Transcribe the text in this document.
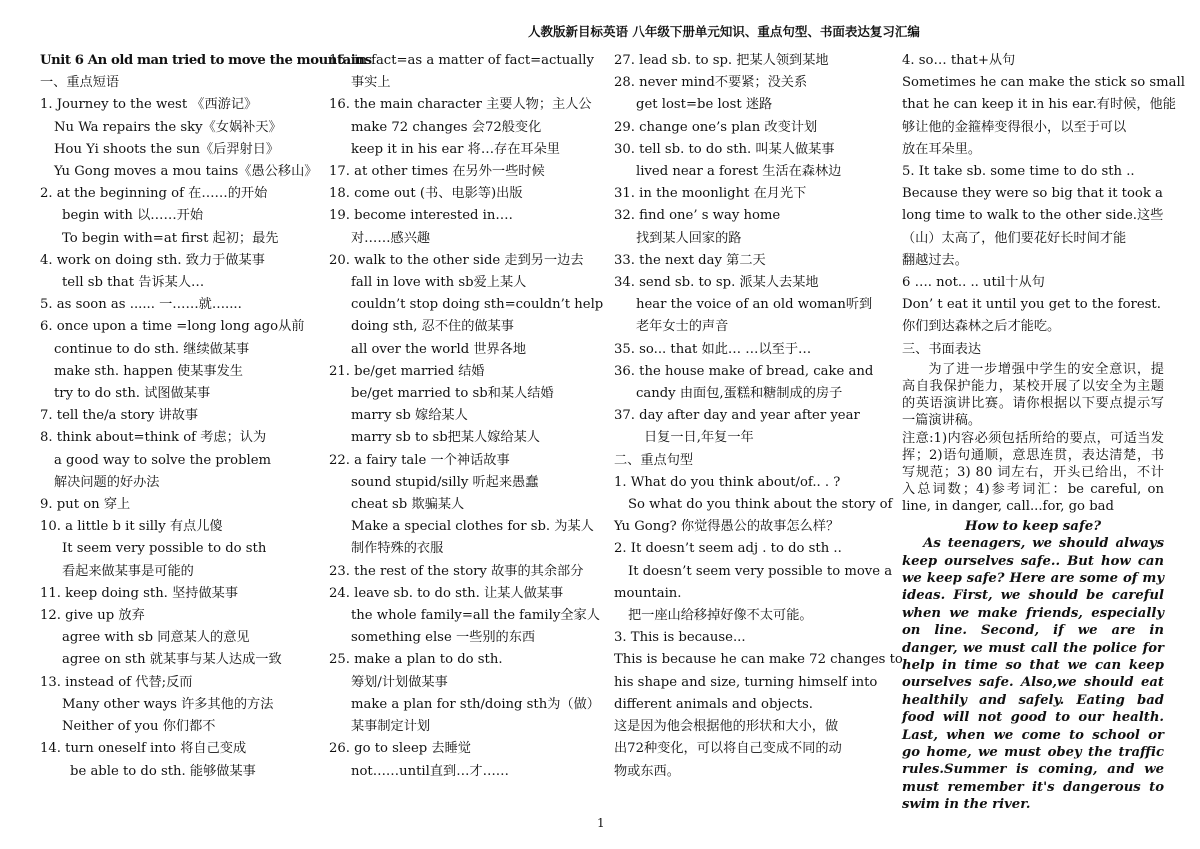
人教版新目标英语 八年级下册单元知识、重点句型、书面表达复习汇编
Unit 6 An old man tried to move the mountains
一、重点短语
1. Journey to the west 《西游记》
Nu Wa repairs the sky《女娲补天》
Hou Yi shoots the sun《后羿射日》
Yu Gong moves a mou tains《愚公移山》
2. at the beginning of 在……的开始
begin with 以……开始
To begin with=at first 起初；最先
4. work on doing sth. 致力于做某事
tell sb that 告诉某人…
5. as soon as ...... 一……就…....
6. once upon a time =long long ago从前
continue to do sth. 继续做某事
make sth. happen 使某事发生
try to do sth. 试图做某事
7. tell the/a story 讲故事
8. think about=think of 考虑；认为
a good way to solve the problem
解决问题的好办法
9. put on 穿上
10. a little b it silly 有点儿傻
It seem very possible to do sth
看起来做某事是可能的
11. keep doing sth. 坚持做某事
12. give up 放弃
agree with sb 同意某人的意见
agree on sth 就某事与某人达成一致
13. instead of 代替;反而
Many other ways 许多其他的方法
Neither of you 你们都不
14. turn oneself into 将自己变成
be able to do sth. 能够做某事
15. in fact=as a matter of fact=actually
事实上
16. the main character 主要人物；主人公
make 72 changes 会72般变化
keep it in his ear 将…存在耳朵里
17. at other times 在另外一些时候
18. come out (书、电影等)出版
19. become interested in….
对……感兴趣
20. walk to the other side 走到另一边去
fall in love with sb爱上某人
couldn’t stop doing sth=couldn’t help
doing sth, 忍不住的做某事
all over the world 世界各地
21. be/get married 结婚
be/get married to sb和某人结婚
marry sb 嫁给某人
marry sb to sb把某人嫁给某人
22. a fairy tale 一个神话故事
sound stupid/silly 听起来愚蠢
cheat sb 欺骗某人
Make a special clothes for sb. 为某人
制作特殊的衣服
23. the rest of the story 故事的其余部分
24. leave sb. to do sth. 让某人做某事
the whole family=all the family全家人
something else 一些别的东西
25. make a plan to do sth.
筹划/计划做某事
make a plan for sth/doing sth为（做）
某事制定计划
26. go to sleep 去睡觉
not……until直到…才……
27. lead sb. to sp. 把某人领到某地
28. never mind不要紧；没关系
get lost=be lost 迷路
29. change one’s plan 改变计划
30. tell sb. to do sth. 叫某人做某事
lived near a forest 生活在森林边
31. in the moonlight 在月光下
32. find one’ s way home
找到某人回家的路
33. the next day 第二天
34. send sb. to sp. 派某人去某地
hear the voice of an old woman听到
老年女士的声音
35. so... that 如此… …以至于…
36. the house make of bread, cake and
candy 由面包,蛋糕和糖制成的房子
37. day after day and year after year
日复一日,年复一年
二、重点句型
1. What do you think about/of.. . ?
So what do you think about the story of
Yu Gong? 你觉得愚公的故事怎么样？
2. It doesn’t seem adj . to do sth ..
It doesn’t seem very possible to move a
mountain.
把一座山给移掉好像不太可能。
3. This is because...
This is because he can make 72 changes to
his shape and size, turning himself into
different animals and objects.
这是因为他会根据他的形状和大小，做
出72种变化，可以将自己变成不同的动
物或东西。
4. so… that+从句
Sometimes he can make the stick so small
that he can keep it in his ear.有时候，他能
够让他的金箍棒变得很小，以至于可以
放在耳朵里。
5. It take sb. some time to do sth ..
Because they were so big that it took a
long time to walk to the other side.这些
（山）太高了，他们要花好长时间才能
翻越过去。
6 …. not.. .. util十从句
Don’ t eat it until you get to the forest.
你们到达森林之后才能吃。
三、书面表达
为了进一步增强中学生的安全意识，提高自我保护能力，某校开展了以安全为主题的英语演讲比赛。请你根据以下要点提示写一篇演讲稿。
注意:1)内容必须包括所给的要点，可适当发挥；2)语句通顺，意思连贯，表达清楚，书写规范；3) 80 词左右，开头已给出，不计入总词数；4)参考词汇：be careful, on line, in danger, call...for, go bad
How to keep safe?
As teenagers, we should always keep ourselves safe.. But how can we keep safe? Here are some of my ideas. First, we should be careful when we make friends, especially on line. Second, if we are in danger, we must call the police for help in time so that we can keep ourselves safe. Also,we should eat healthily and safely. Eating bad food will not good to our health. Last, when we come to school or go home, we must obey the traffic rules.Summer is coming, and we must remember it's dangerous to swim in the river.
1
